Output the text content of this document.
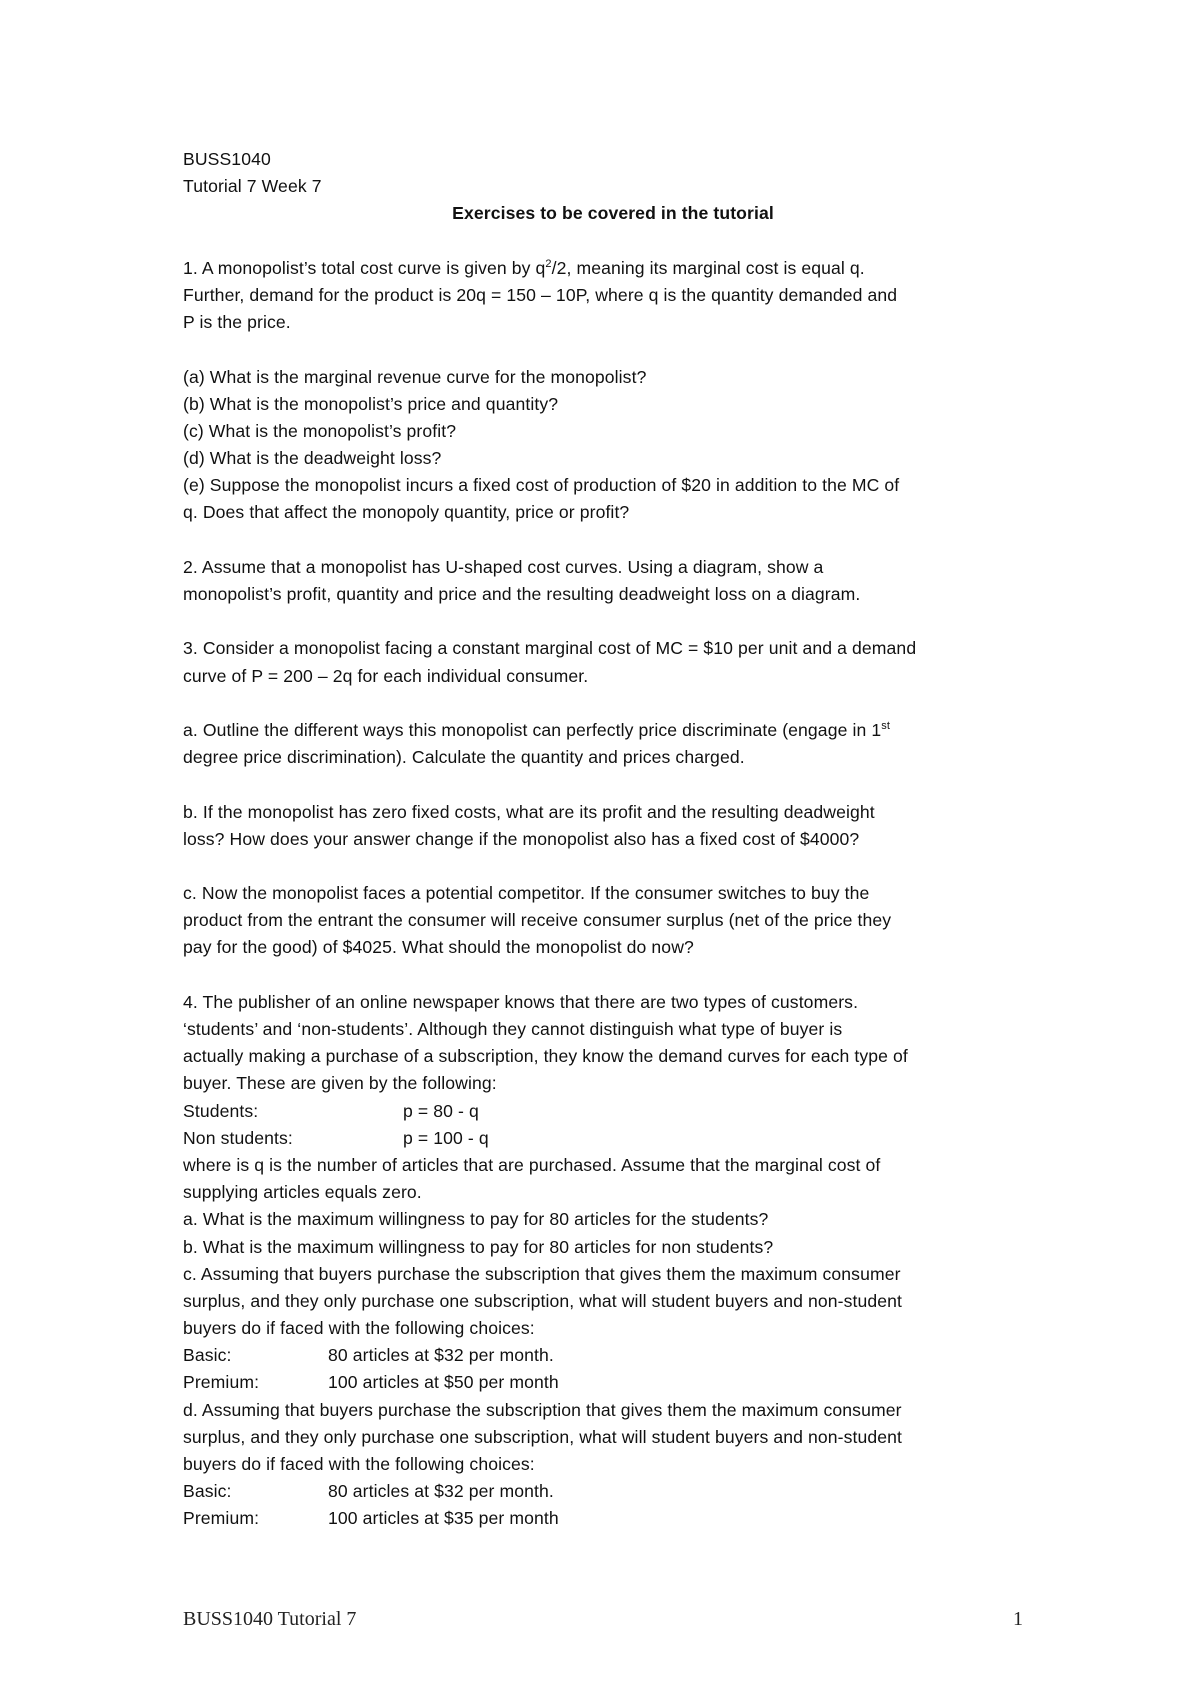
BUSS1040
Tutorial 7 Week 7
Exercises to be covered in the tutorial
1. A monopolist’s total cost curve is given by $q^2/2$, meaning its marginal cost is equal q.
Further, demand for the product is 20q = 150 – 10P, where q is the quantity demanded and
P is the price.
(a) What is the marginal revenue curve for the monopolist?
(b) What is the monopolist’s price and quantity?
(c) What is the monopolist’s profit?
(d) What is the deadweight loss?
(e) Suppose the monopolist incurs a fixed cost of production of $20 in addition to the MC of
q. Does that affect the monopoly quantity, price or profit?
2. Assume that a monopolist has U-shaped cost curves. Using a diagram, show a
monopolist’s profit, quantity and price and the resulting deadweight loss on a diagram.
3. Consider a monopolist facing a constant marginal cost of MC = $10 per unit and a demand
curve of P = 200 – 2q for each individual consumer.
a. Outline the different ways this monopolist can perfectly price discriminate (engage in 1st
degree price discrimination). Calculate the quantity and prices charged.
b. If the monopolist has zero fixed costs, what are its profit and the resulting deadweight
loss? How does your answer change if the monopolist also has a fixed cost of $4000?
c. Now the monopolist faces a potential competitor. If the consumer switches to buy the
product from the entrant the consumer will receive consumer surplus (net of the price they
pay for the good) of $4025. What should the monopolist do now?
4. The publisher of an online newspaper knows that there are two types of customers.
‘students’ and ‘non-students’. Although they cannot distinguish what type of buyer is
actually making a purchase of a subscription, they know the demand curves for each type of
buyer. These are given by the following:
Students:	p = 80 - q
Non students:	p = 100 - q
where is q is the number of articles that are purchased. Assume that the marginal cost of
supplying articles equals zero.
a. What is the maximum willingness to pay for 80 articles for the students?
b. What is the maximum willingness to pay for 80 articles for non students?
c. Assuming that buyers purchase the subscription that gives them the maximum consumer
surplus, and they only purchase one subscription, what will student buyers and non-student
buyers do if faced with the following choices:
Basic:	80 articles at $32 per month.
Premium:	100 articles at $50 per month
d. Assuming that buyers purchase the subscription that gives them the maximum consumer
surplus, and they only purchase one subscription, what will student buyers and non-student
buyers do if faced with the following choices:
Basic:	80 articles at $32 per month.
Premium:	100 articles at $35 per month
BUSS1040 Tutorial 7	1
